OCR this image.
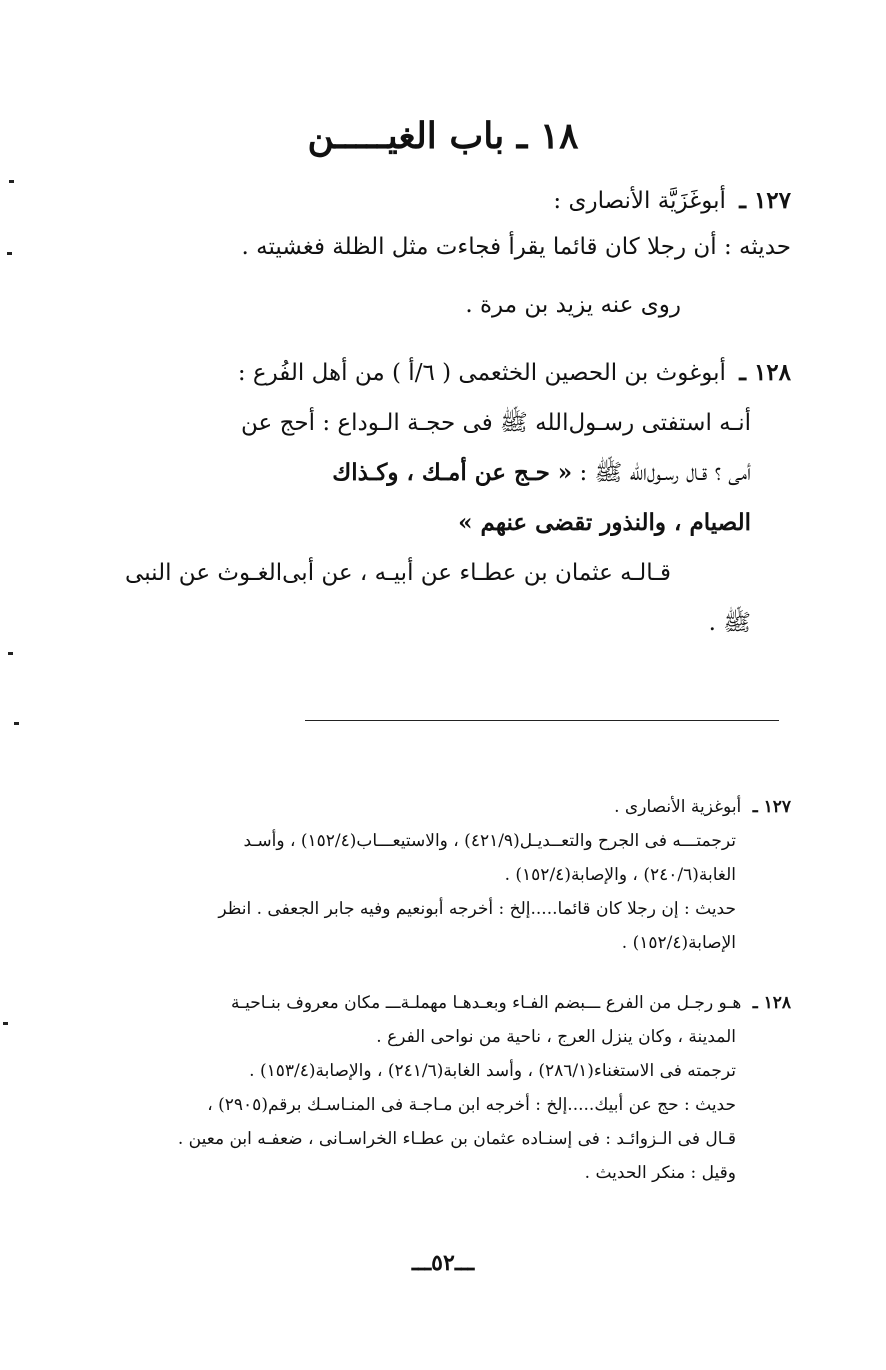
١٨ ـ باب الغيـــــن
١٢٧ ـ أبوغَزَيَّة الأنصارى :
حديثه : أن رجلا كان قائما يقرأ فجاءت مثل الظلة فغشيته .
روى عنه يزيد بن مرة .
١٢٨ ـ أبوغوث بن الحصين الخثعمى ( ٦/أ ) من أهل الفُرع :
أنـه استفتى رسـول‌الله ﷺ فى حجـة الـوداع : أحج عن
أمى ؟ قـال رسـول‌الله ﷺ : « حـج عن أمـك ، وكـذاك
الصيام ، والنذور تقضى عنهم »
قـالـه عثمان بن عطـاء عن أبيـه ، عن أبى‌الغـوث عن النبى
ﷺ .
١٢٧ ـ أبوغزية الأنصارى .
ترجمتـــه فى الجرح والتعــديـل(٤٢١/٩) ، والاستيعـــاب(١٥٢/٤) ، وأسـد
الغابة(٢٤٠/٦) ، والإصابة(١٥٢/٤) .
حديث : إن رجلا كان قائما.....إلخ : أخرجه أبونعيم وفيه جابر الجعفى . انظر
الإصابة(١٥٢/٤) .
١٢٨ ـ هـو رجـل من الفرع ـــبضم الفـاء وبعـدهـا مهملـةـــ مكان معروف بنـاحيـة
المدينة ، وكان ينزل العرج ، ناحية من نواحى الفرع .
ترجمته فى الاستغناء(٢٨٦/١) ، وأسد الغابة(٢٤١/٦) ، والإصابة(١٥٣/٤) .
حديث : حج عن أبيك.....إلخ : أخرجه ابن مـاجـة فى المنـاسـك برقم(٢٩٠٥) ،
قـال فى الـزوائـد : فى إسنـاده عثمان بن عطـاء الخراسـانى ، ضعفـه ابن معين .
وقيل : منكر الحديث .
ـــ٥٢ـــ
